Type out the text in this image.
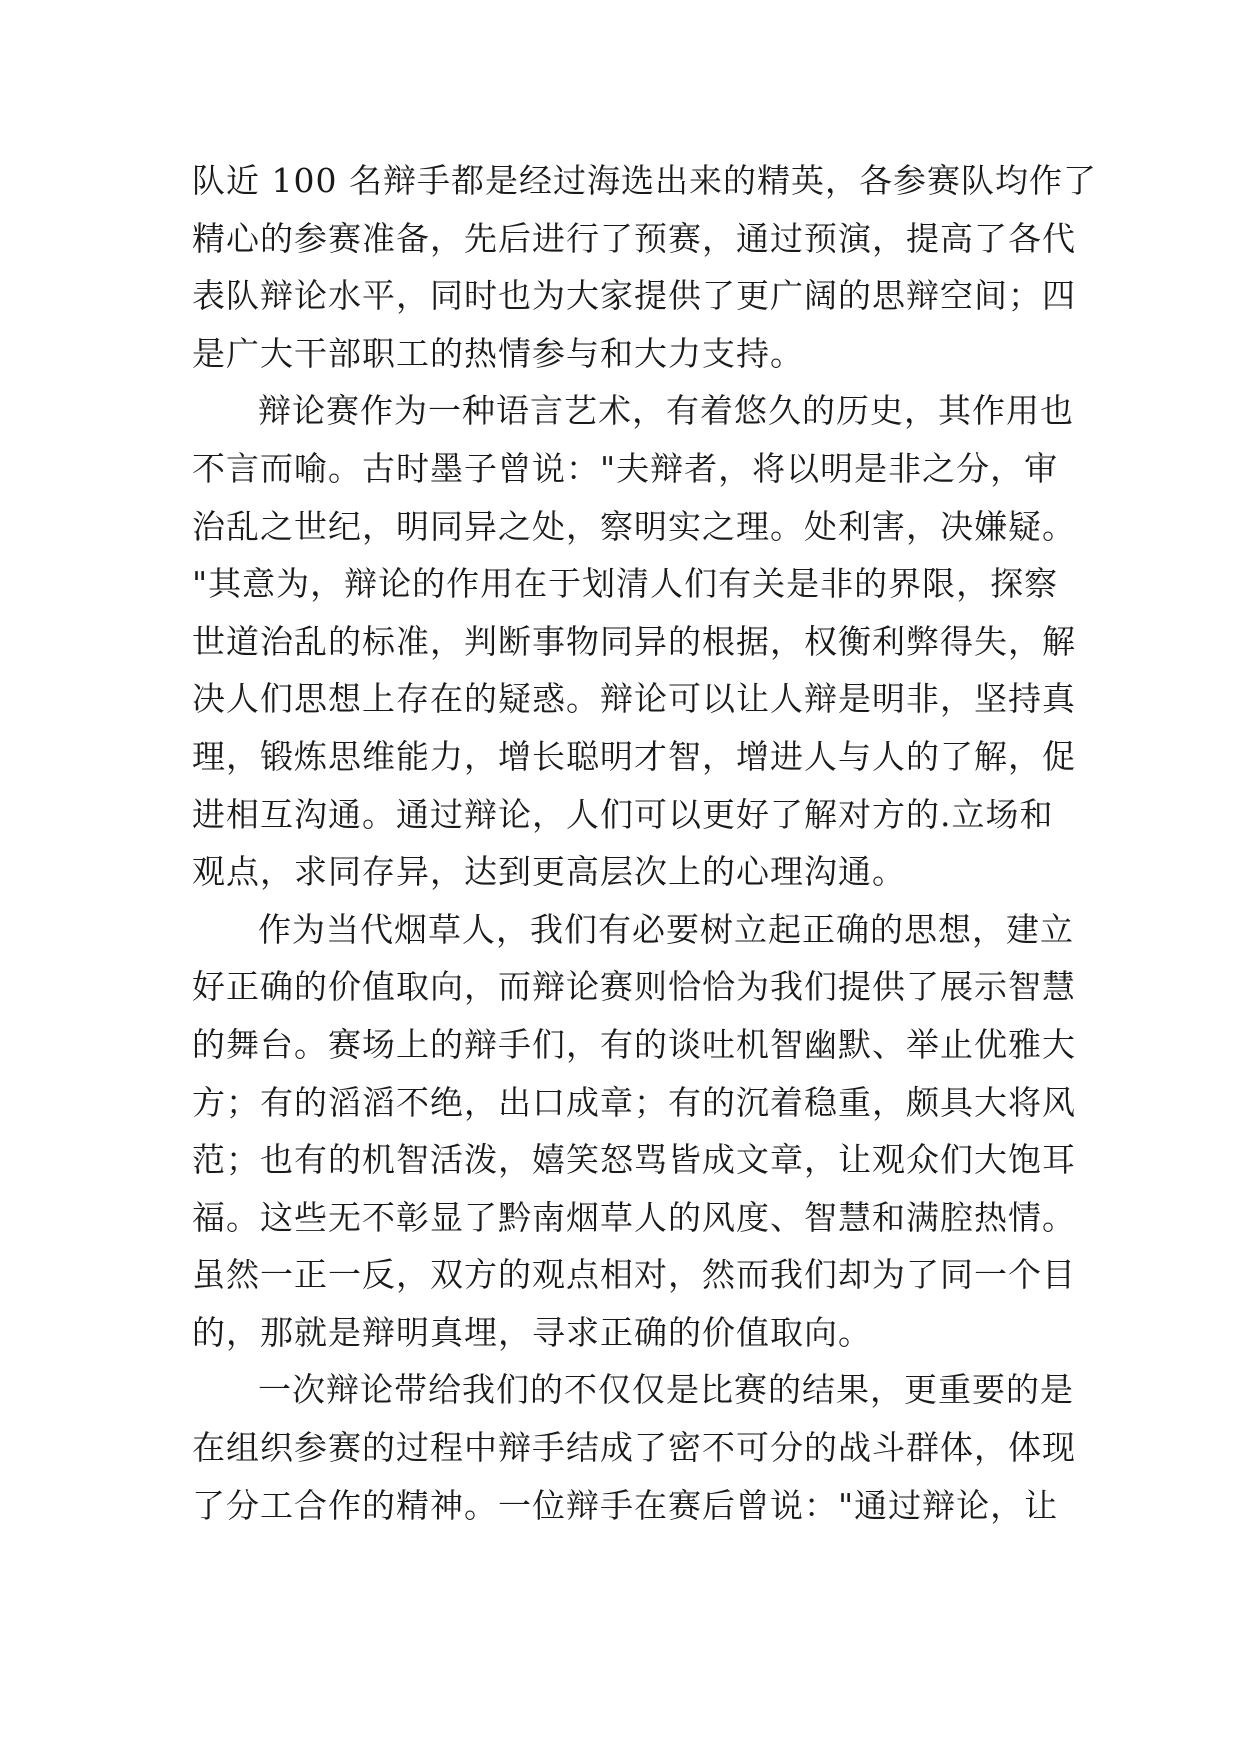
队近 100 名辩手都是经过海选出来的精英，各参赛队均作了
精心的参赛准备，先后进行了预赛，通过预演，提高了各代
表队辩论水平，同时也为大家提供了更广阔的思辩空间；四
是广大干部职工的热情参与和大力支持。
辩论赛作为一种语言艺术，有着悠久的历史，其作用也
不言而喻。古时墨子曾说："夫辩者，将以明是非之分，审
治乱之世纪，明同异之处，察明实之理。处利害，决嫌疑。
"其意为，辩论的作用在于划清人们有关是非的界限，探察
世道治乱的标准，判断事物同异的根据，权衡利弊得失，解
决人们思想上存在的疑惑。辩论可以让人辩是明非，坚持真
理，锻炼思维能力，增长聪明才智，增进人与人的了解，促
进相互沟通。通过辩论，人们可以更好了解对方的.立场和
观点，求同存异，达到更高层次上的心理沟通。
作为当代烟草人，我们有必要树立起正确的思想，建立
好正确的价值取向，而辩论赛则恰恰为我们提供了展示智慧
的舞台。赛场上的辩手们，有的谈吐机智幽默、举止优雅大
方；有的滔滔不绝，出口成章；有的沉着稳重，颇具大将风
范；也有的机智活泼，嬉笑怒骂皆成文章，让观众们大饱耳
福。这些无不彰显了黔南烟草人的风度、智慧和满腔热情。
虽然一正一反，双方的观点相对，然而我们却为了同一个目
的，那就是辩明真埋，寻求正确的价值取向。
一次辩论带给我们的不仅仅是比赛的结果，更重要的是
在组织参赛的过程中辩手结成了密不可分的战斗群体，体现
了分工合作的精神。一位辩手在赛后曾说："通过辩论，让
